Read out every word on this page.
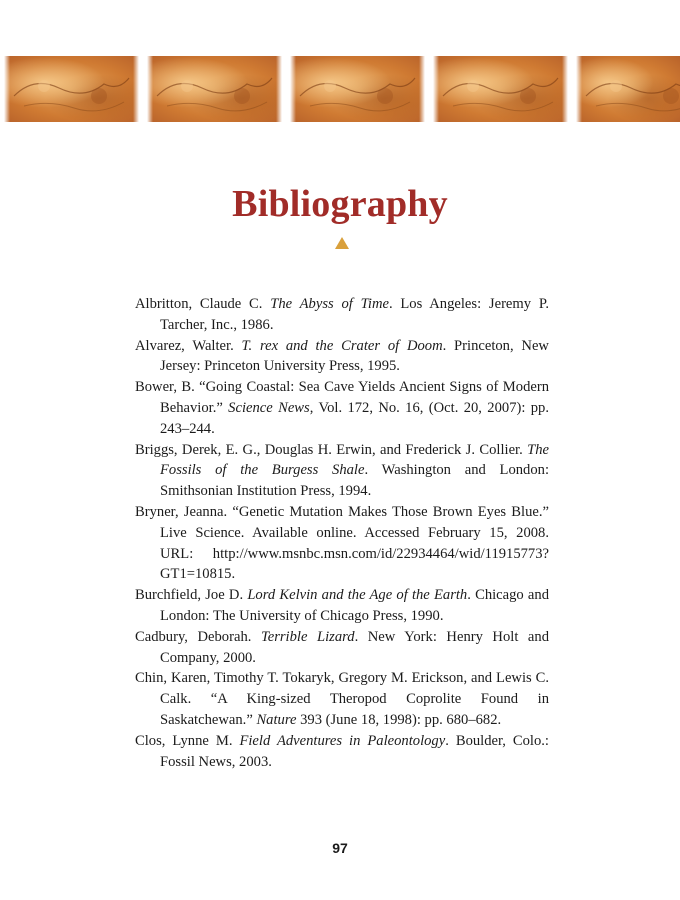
Bibliography

Albritton, Claude C. The Abyss of Time. Los Angeles: Jeremy P. Tarcher, Inc., 1986.

Alvarez, Walter. T. rex and the Crater of Doom. Princeton, New Jersey: Princeton University Press, 1995.

Bower, B. “Going Coastal: Sea Cave Yields Ancient Signs of Modern Behavior.” Science News, Vol. 172, No. 16, (Oct. 20, 2007): pp. 243–244.

Briggs, Derek, E. G., Douglas H. Erwin, and Frederick J. Collier. The Fossils of the Burgess Shale. Washington and London: Smithsonian Institution Press, 1994.

Bryner, Jeanna. “Genetic Mutation Makes Those Brown Eyes Blue.” Live Science. Available online. Accessed February 15, 2008. URL: http://www.msnbc.msn.com/id/22934464/wid/11915773?GT1=10815.

Burchfield, Joe D. Lord Kelvin and the Age of the Earth. Chicago and London: The University of Chicago Press, 1990.

Cadbury, Deborah. Terrible Lizard. New York: Henry Holt and Company, 2000.

Chin, Karen, Timothy T. Tokaryk, Gregory M. Erickson, and Lewis C. Calk. “A King-sized Theropod Coprolite Found in Saskatchewan.” Nature 393 (June 18, 1998): pp. 680–682.

Clos, Lynne M. Field Adventures in Paleontology. Boulder, Colo.: Fossil News, 2003.

97
